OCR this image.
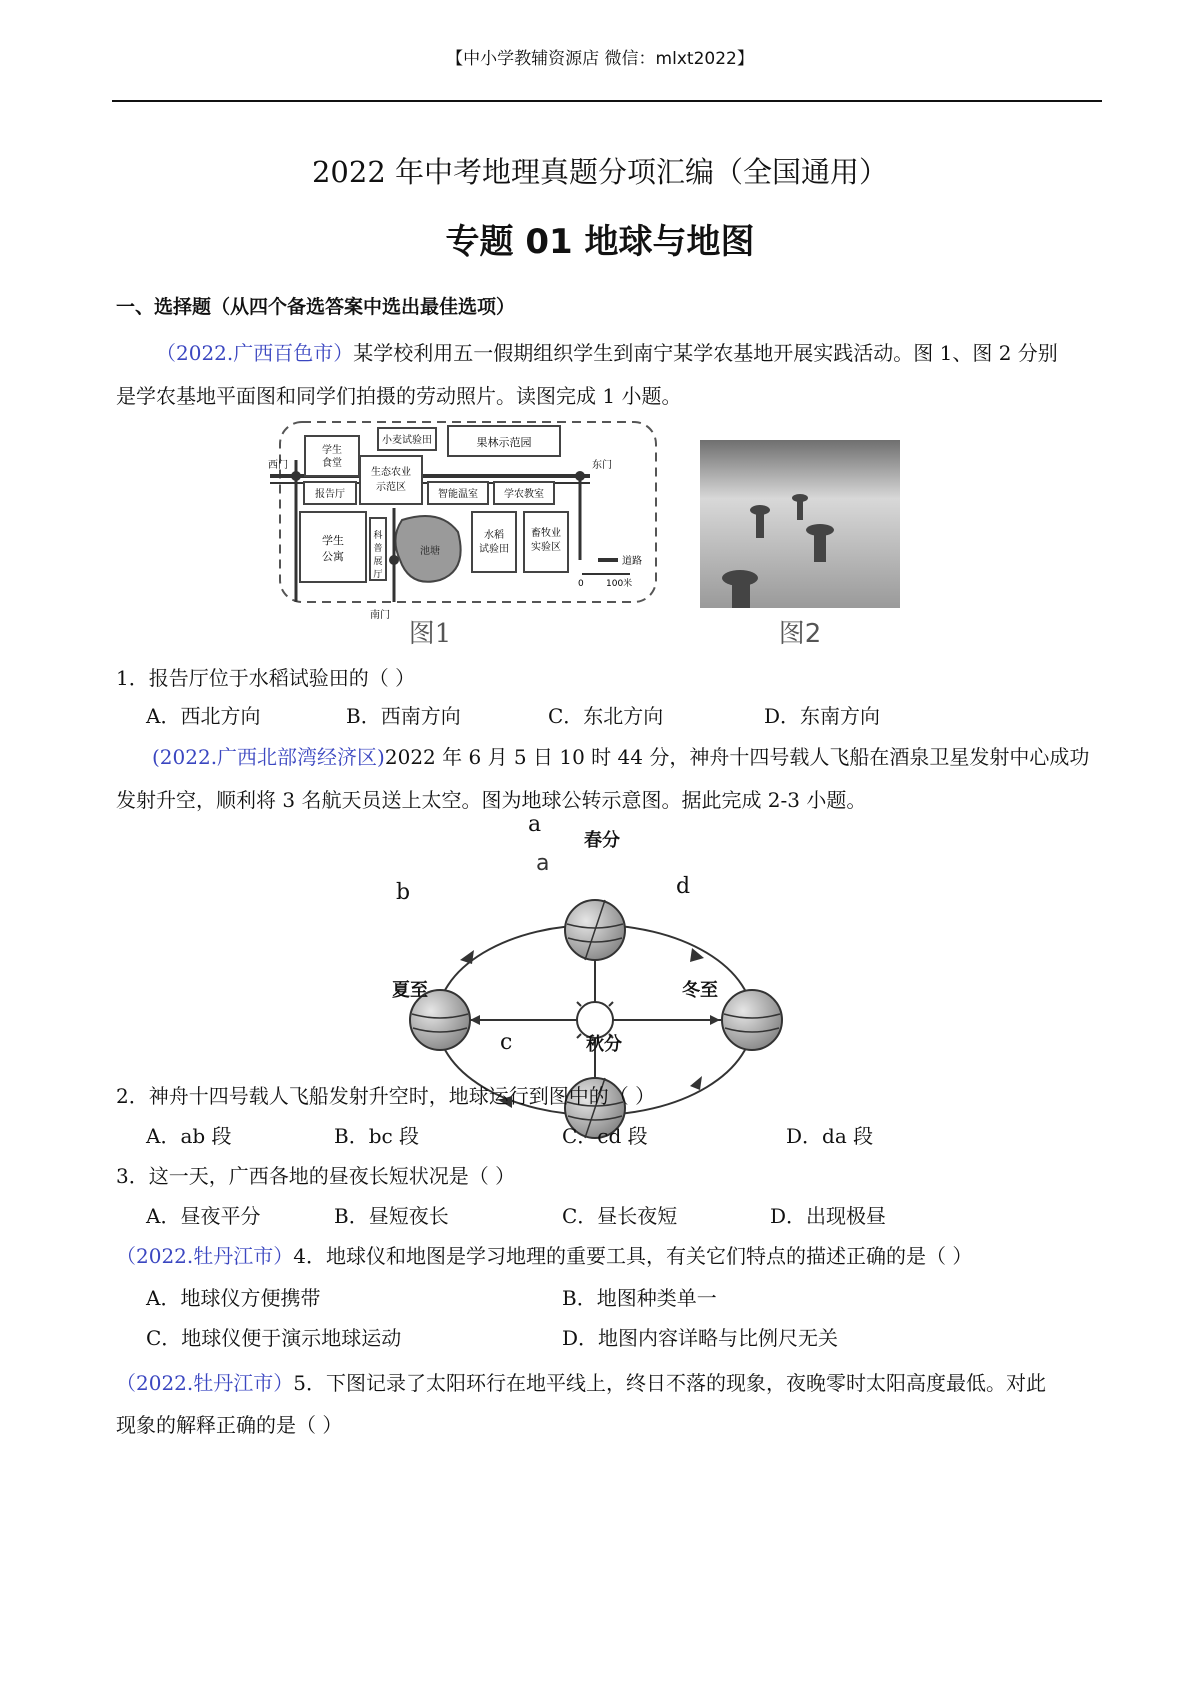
【中小学教辅资源店 微信：mlxt2022】
2022 年中考地理真题分项汇编（全国通用）
专题 01 地球与地图
一、选择题（从四个备选答案中选出最佳选项）
（2022.广西百色市）某学校利用五一假期组织学生到南宁某学农基地开展实践活动。图 1、图 2 分别
是学农基地平面图和同学们拍摄的劳动照片。读图完成 1 小题。
学生
食堂
小麦试验田	果林示范园
生态农业
示范区
报告厅	智能温室	学农教室
学生
公寓
科
普
展
厅
池塘
水稻
试验田
畜牧业
实验区
西门	东门
南门
道路
0 100米
图1	图2
1．报告厅位于水稻试验田的（ ）
A．西北方向	B．西南方向	C．东北方向	D．东南方向
(2022.广西北部湾经济区)2022 年 6 月 5 日 10 时 44 分，神舟十四号载人飞船在酒泉卫星发射中心成功
发射升空，顺利将 3 名航天员送上太空。图为地球公转示意图。据此完成 2-3 小题。
a
a
春分
b	d
夏至	冬至
c	秋分
2．神舟十四号载人飞船发射升空时，地球运行到图中的（ ）
A．ab 段	B．bc 段	C．cd 段	D．da 段
3．这一天，广西各地的昼夜长短状况是（ ）
A．昼夜平分	B．昼短夜长	C．昼长夜短	D．出现极昼
（2022.牡丹江市）4．地球仪和地图是学习地理的重要工具，有关它们特点的描述正确的是（ ）
A．地球仪方便携带	B．地图种类单一
C．地球仪便于演示地球运动	D．地图内容详略与比例尺无关
（2022.牡丹江市）5．下图记录了太阳环行在地平线上，终日不落的现象，夜晚零时太阳高度最低。对此
现象的解释正确的是（ ）
